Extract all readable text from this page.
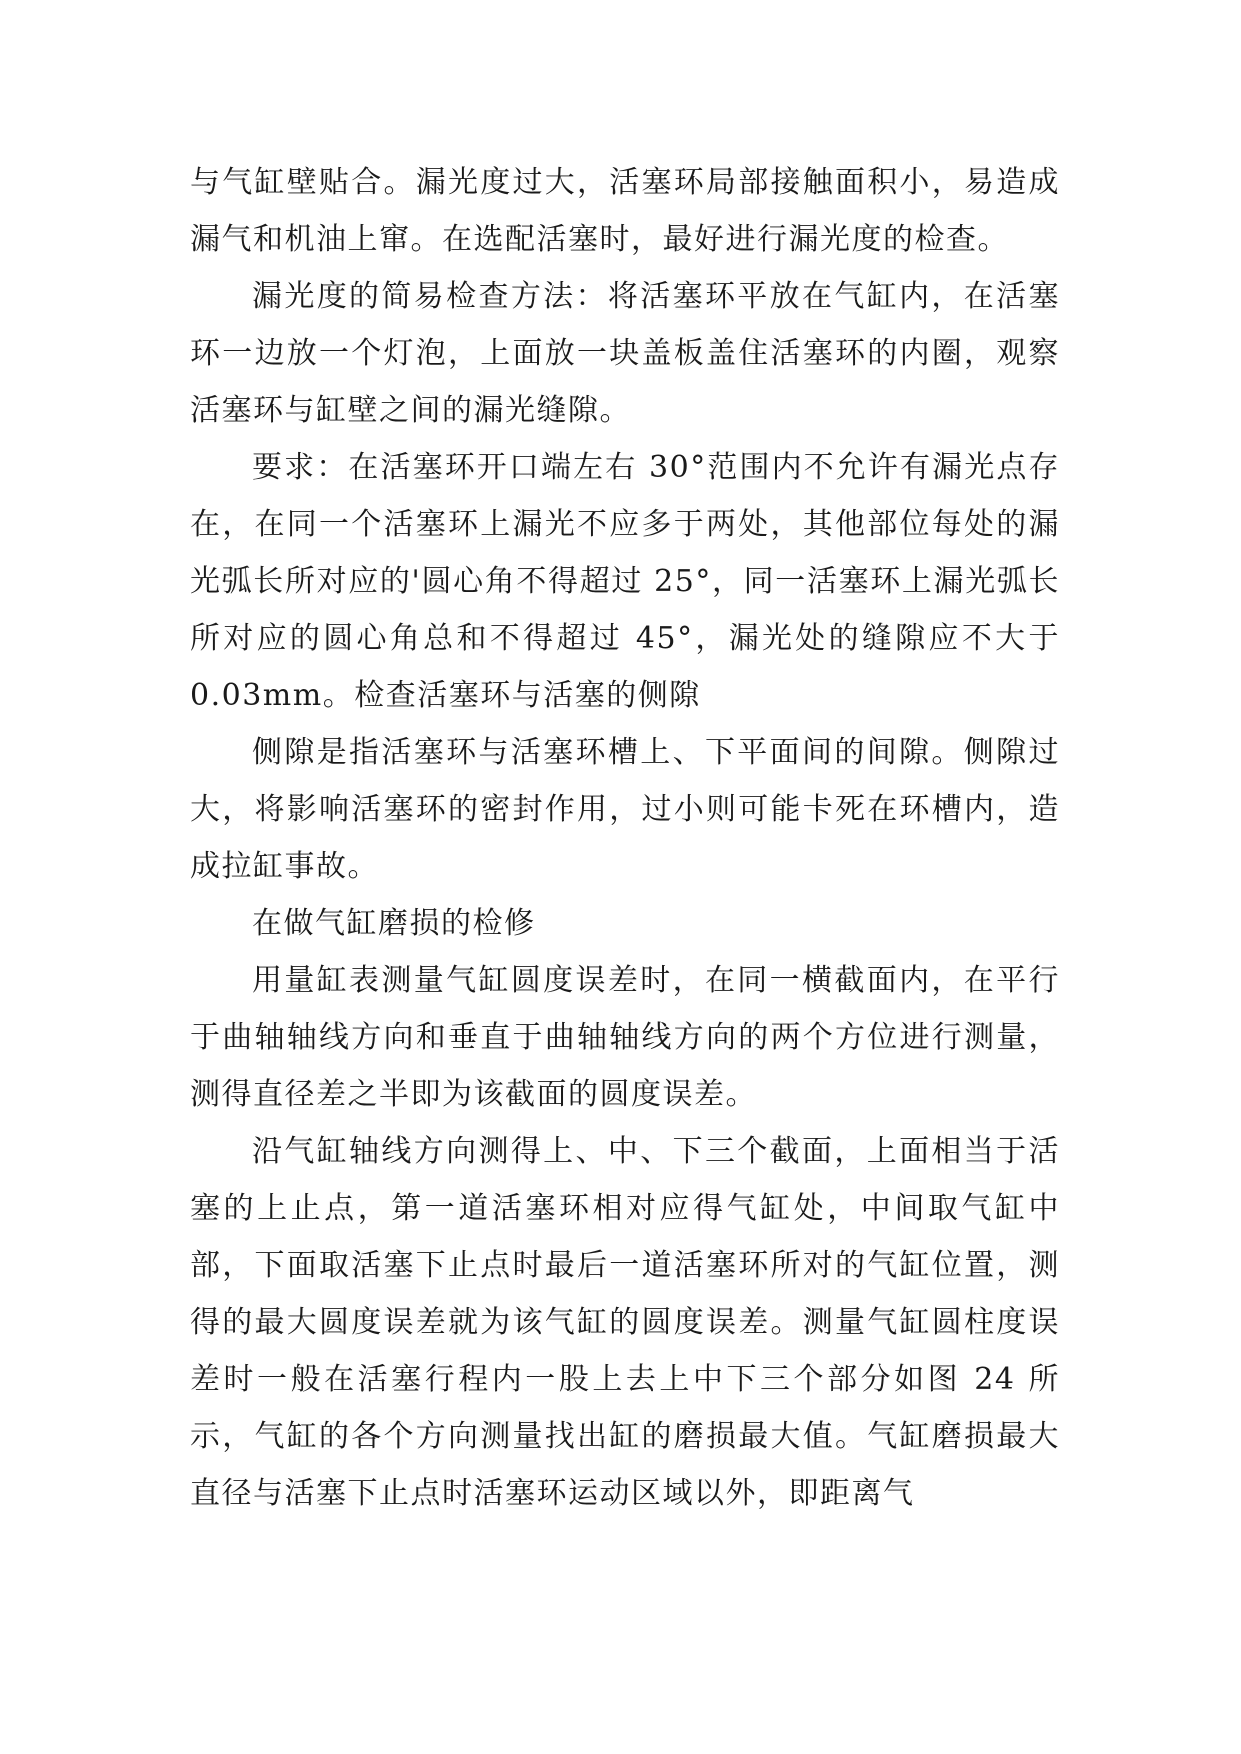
与气缸壁贴合。漏光度过大，活塞环局部接触面积小，易造成漏气和机油上窜。在选配活塞时，最好进行漏光度的检查。

漏光度的简易检查方法：将活塞环平放在气缸内，在活塞环一边放一个灯泡，上面放一块盖板盖住活塞环的内圈，观察活塞环与缸壁之间的漏光缝隙。

要求：在活塞环开口端左右 30°范围内不允许有漏光点存在，在同一个活塞环上漏光不应多于两处，其他部位每处的漏光弧长所对应的'圆心角不得超过 25°，同一活塞环上漏光弧长所对应的圆心角总和不得超过 45°，漏光处的缝隙应不大于 0.03mm。检查活塞环与活塞的侧隙

侧隙是指活塞环与活塞环槽上、下平面间的间隙。侧隙过大，将影响活塞环的密封作用，过小则可能卡死在环槽内，造成拉缸事故。

在做气缸磨损的检修

用量缸表测量气缸圆度误差时，在同一横截面内，在平行于曲轴轴线方向和垂直于曲轴轴线方向的两个方位进行测量，测得直径差之半即为该截面的圆度误差。

沿气缸轴线方向测得上、中、下三个截面，上面相当于活塞的上止点，第一道活塞环相对应得气缸处，中间取气缸中部，下面取活塞下止点时最后一道活塞环所对的气缸位置，测得的最大圆度误差就为该气缸的圆度误差。测量气缸圆柱度误差时一般在活塞行程内一股上去上中下三个部分如图 24 所示，气缸的各个方向测量找出缸的磨损最大值。气缸磨损最大直径与活塞下止点时活塞环运动区域以外，即距离气
